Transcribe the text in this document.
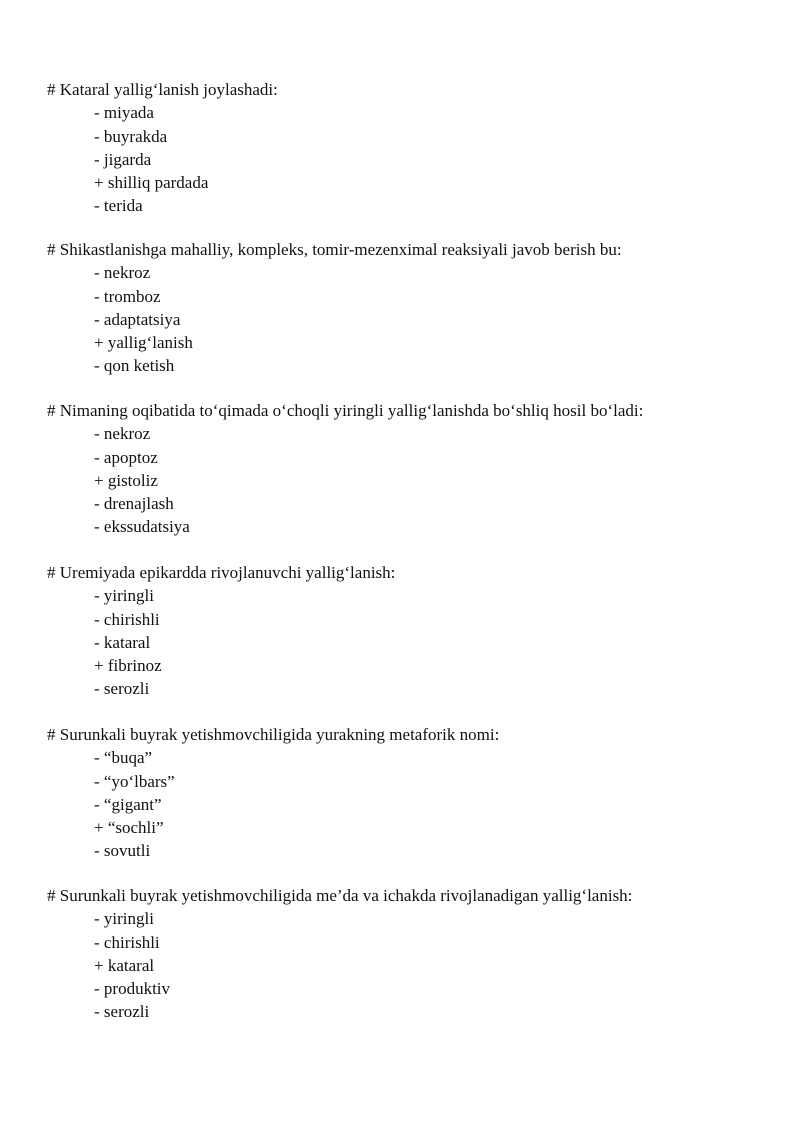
# Kataral yallig‘lanish joylashadi:
- miyada
- buyrakda
- jigarda
+ shilliq pardada
- terida
# Shikastlanishga mahalliy, kompleks, tomir-mezenximal reaksiyali javob berish bu:
- nekroz
- tromboz
- adaptatsiya
+ yallig‘lanish
- qon ketish
# Nimaning oqibatida to‘qimada o‘choqli yiringli yallig‘lanishda bo‘shliq hosil bo‘ladi:
- nekroz
- apoptoz
+ gistoliz
- drenajlash
- ekssudatsiya
# Uremiyada epikardda rivojlanuvchi yallig‘lanish:
- yiringli
- chirishli
- kataral
+ fibrinoz
- serozli
# Surunkali buyrak yetishmovchiligida yurakning metaforik nomi:
- “buqa”
- “yo‘lbars”
- “gigant”
+ “sochli”
- sovutli
# Surunkali buyrak yetishmovchiligida me’da va ichakda rivojlanadigan yallig‘lanish:
- yiringli
- chirishli
+ kataral
- produktiv
- serozli
